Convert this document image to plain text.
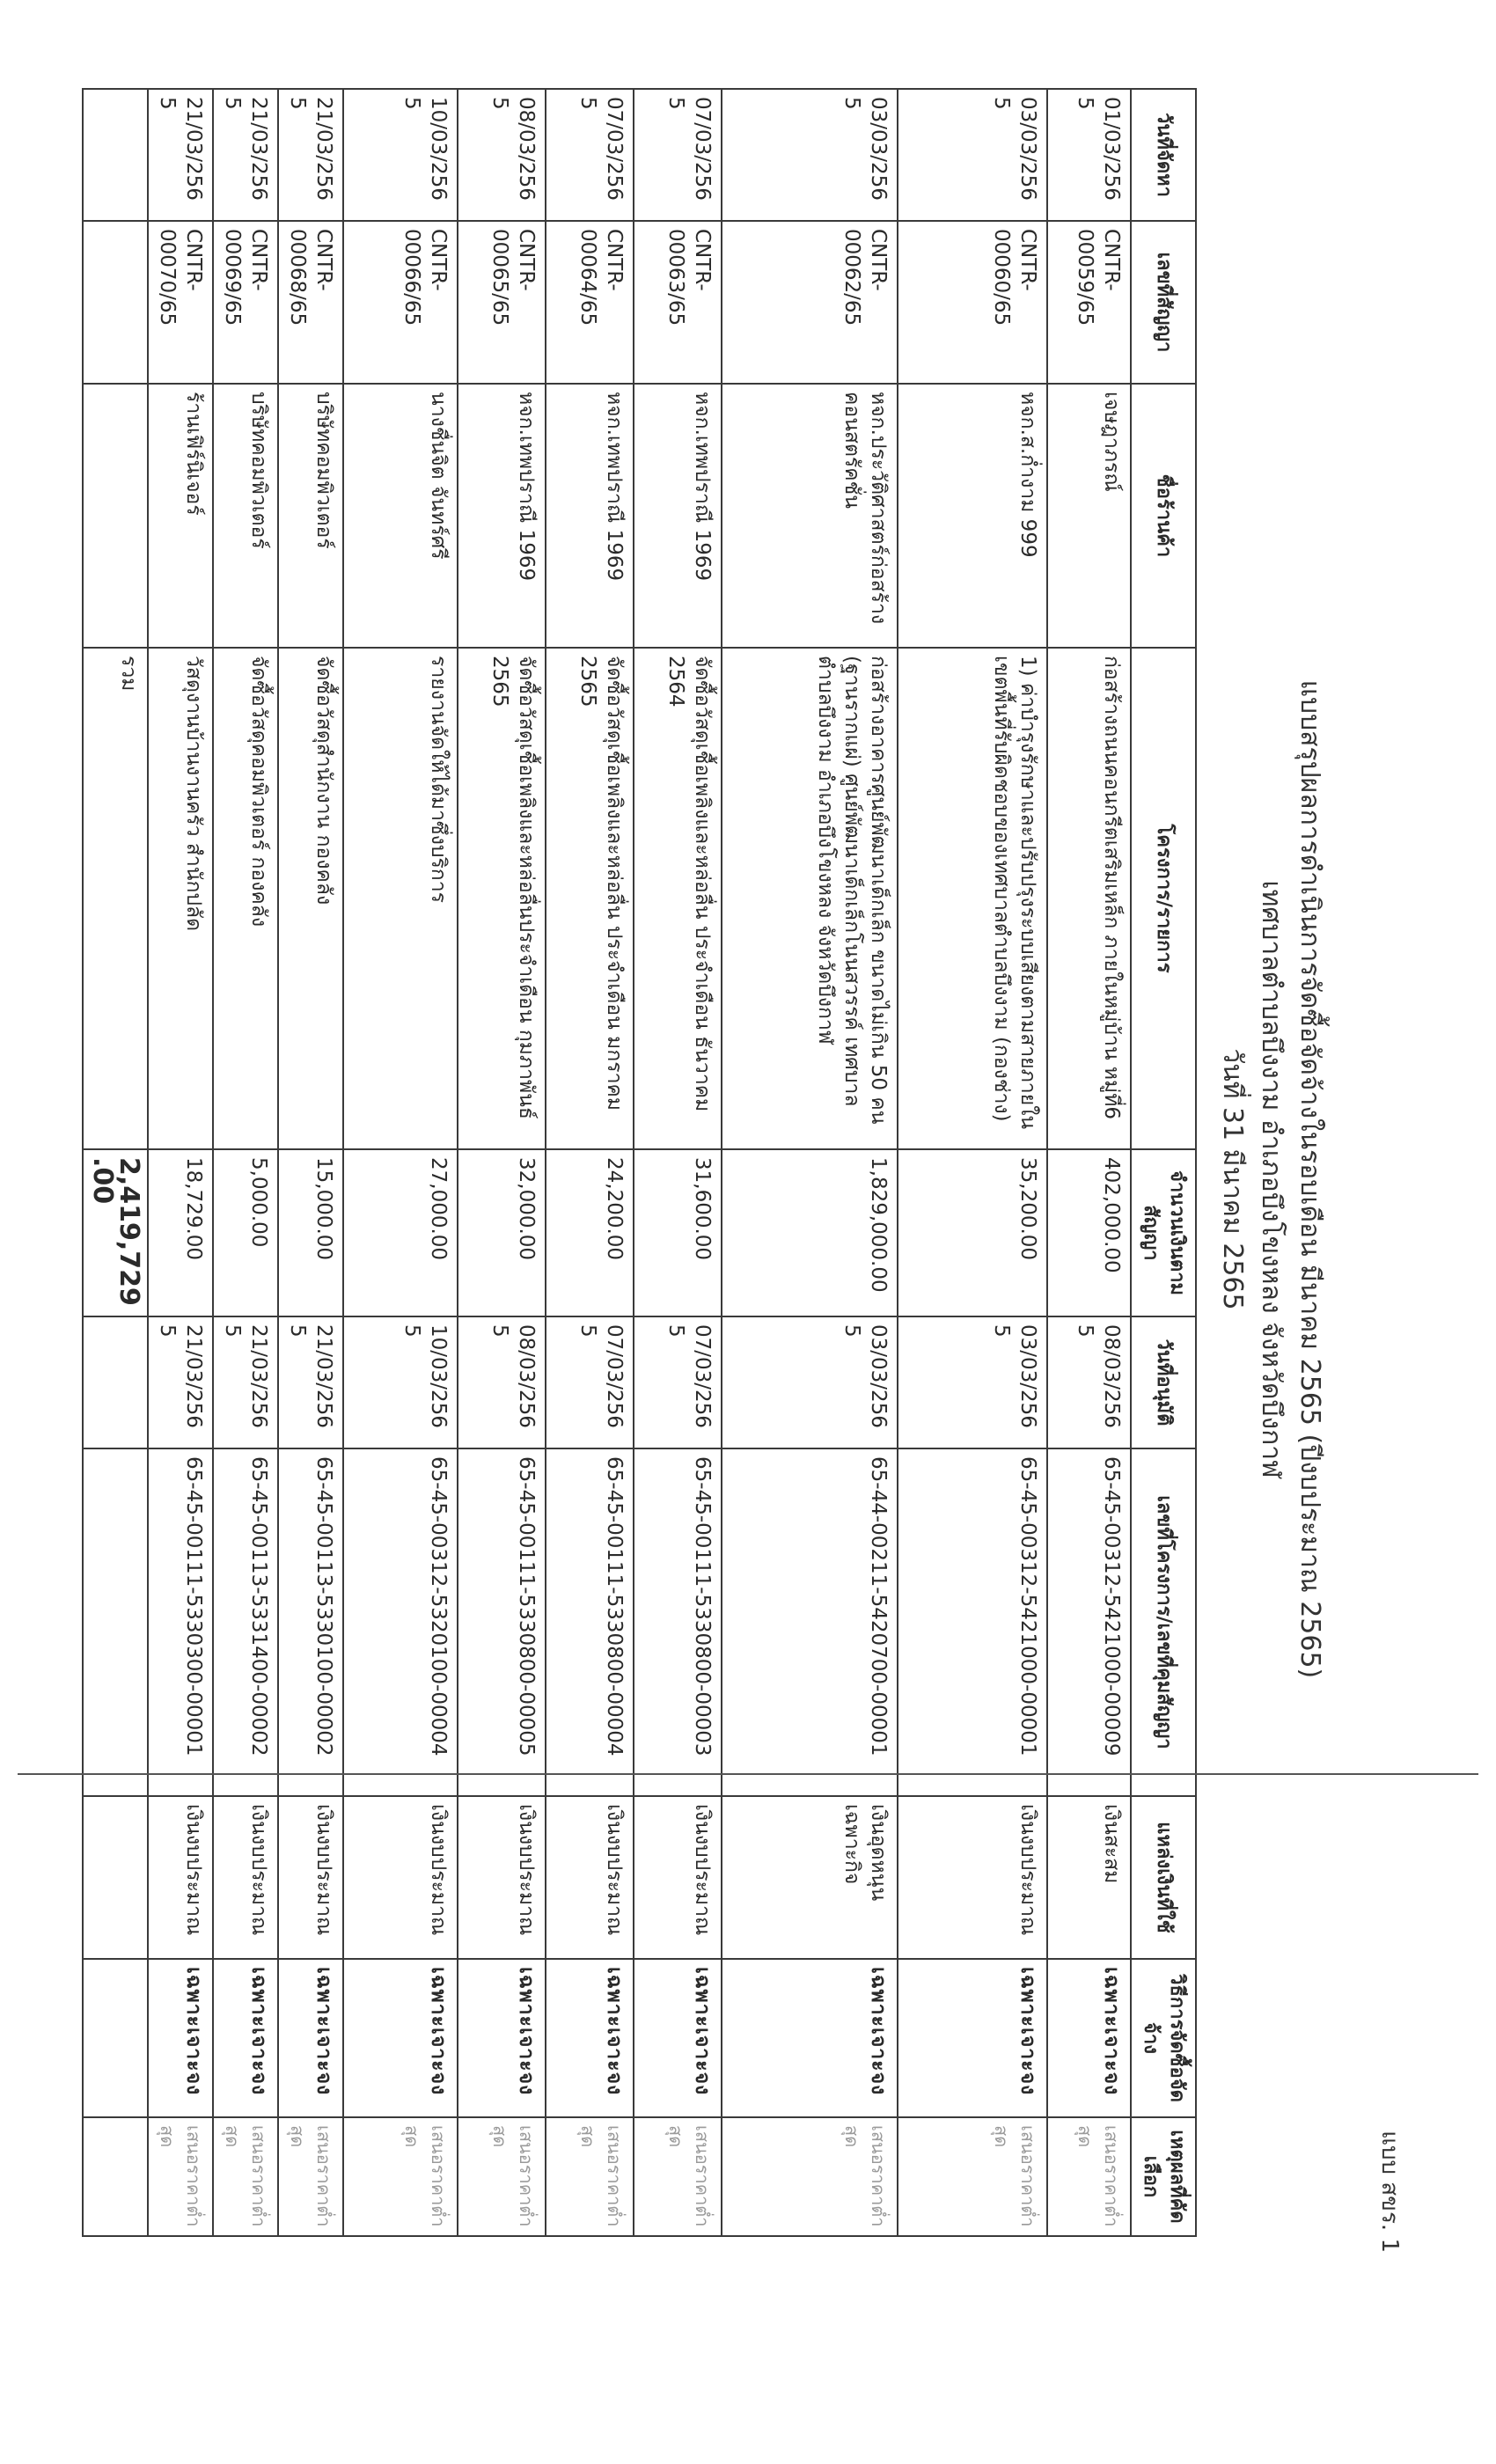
แบบ สขร. 1
แบบสรุปผลการดำเนินการจัดซื้อจัดจ้างในรอบเดือน มีนาคม 2565 (ปีงบประมาณ 2565)
เทศบาลตำบลบึงงาม อำเภอบึงโขงหลง จังหวัดบึงกาฬ
วันที่ 31 มีนาคม 2565
วันที่จัดหา	เลขที่สัญญา	ชื่อร้านค้า	โครงการ/รายการ	จำนวนเงินตามสัญญา	วันที่อนุมัติ	เลขที่โครงการ/เลขที่คุมสัญญา	แหล่งเงินที่ใช้	วิธีการจัดซื้อจัดจ้าง	เหตุผลที่คัดเลือก
01/03/2565	CNTR-00059/65	เจษฎาภรณ์	ก่อสร้างถนนคอนกรีตเสริมเหล็ก ภายในหมู่บ้าน หมู่ที่6	402,000.00	08/03/2565	65-45-00312-5421000-00009	เงินสะสม	เฉพาะเจาะจง	เสนอราคาต่ำสุด
03/03/2565	CNTR-00060/65	หจก.ส.ก่ำงาม 999	1) ค่าบำรุงรักษาและปรับปรุงระบบเสียงตามสายภายในเขตพื้นที่รับผิดชอบของเทศบาลตำบลบึงงาม (กองช่าง)	35,200.00	03/03/2565	65-45-00312-5421000-00001	เงินงบประมาณ	เฉพาะเจาะจง	เสนอราคาต่ำสุด
03/03/2565	CNTR-00062/65	หจก.ประวัติศาสตร์ก่อสร้าง คอนสตรัคชั่น	ก่อสร้างอาคารศูนย์พัฒนาเด็กเล็ก ขนาดไม่เกิน 50 คน (ฐานรากแผ่) ศูนย์พัฒนาเด็กเล็กโนนสวรรค์ เทศบาลตำบลบึงงาม อำเภอบึงโขงหลง จังหวัดบึงกาฬ	1,829,000.00	03/03/2565	65-44-00211-5420700-00001	เงินอุดหนุนเฉพาะกิจ	เฉพาะเจาะจง	เสนอราคาต่ำสุด
07/03/2565	CNTR-00063/65	หจก.เทพปราณี 1969	จัดซื้อวัสดุเชื้อเพลิงและหล่อลื่น ประจำเดือน ธันวาคม 2564	31,600.00	07/03/2565	65-45-00111-5330800-00003	เงินงบประมาณ	เฉพาะเจาะจง	เสนอราคาต่ำสุด
07/03/2565	CNTR-00064/65	หจก.เทพปราณี 1969	จัดซื้อวัสดุเชื้อเพลิงและหล่อลื่น ประจำเดือน มกราคม 2565	24,200.00	07/03/2565	65-45-00111-5330800-00004	เงินงบประมาณ	เฉพาะเจาะจง	เสนอราคาต่ำสุด
08/03/2565	CNTR-00065/65	หจก.เทพปราณี 1969	จัดซื้อวัสดุเชื้อเพลิงและหล่อลื่นประจำเดือน กุมภาพันธ์ 2565	32,000.00	08/03/2565	65-45-00111-5330800-00005	เงินงบประมาณ	เฉพาะเจาะจง	เสนอราคาต่ำสุด
10/03/2565	CNTR-00066/65	นางชื่นจิต จันทร์ศรี	รายงานจัดให้ได้มาซึ่งบริการ	27,000.00	10/03/2565	65-45-00312-5320100-00004	เงินงบประมาณ	เฉพาะเจาะจง	เสนอราคาต่ำสุด
21/03/2565	CNTR-00068/65	บริษัทคอมพิวเตอร์	จัดซื้อวัสดุสำนักงาน กองคลัง	15,000.00	21/03/2565	65-45-00113-5330100-00002	เงินงบประมาณ	เฉพาะเจาะจง	เสนอราคาต่ำสุด
21/03/2565	CNTR-00069/65	บริษัทคอมพิวเตอร์	จัดซื้อวัสดุคอมพิวเตอร์ กองคลัง	5,000.00	21/03/2565	65-45-00113-5331400-00002	เงินงบประมาณ	เฉพาะเจาะจง	เสนอราคาต่ำสุด
21/03/2565	CNTR-00070/65	ร้านเฟิร์นิเจอร์	วัสดุงานบ้านงานครัว สำนักปลัด	18,729.00	21/03/2565	65-45-00111-5330300-00001	เงินงบประมาณ	เฉพาะเจาะจง	เสนอราคาต่ำสุด
			รวม	2,419,729.00					
